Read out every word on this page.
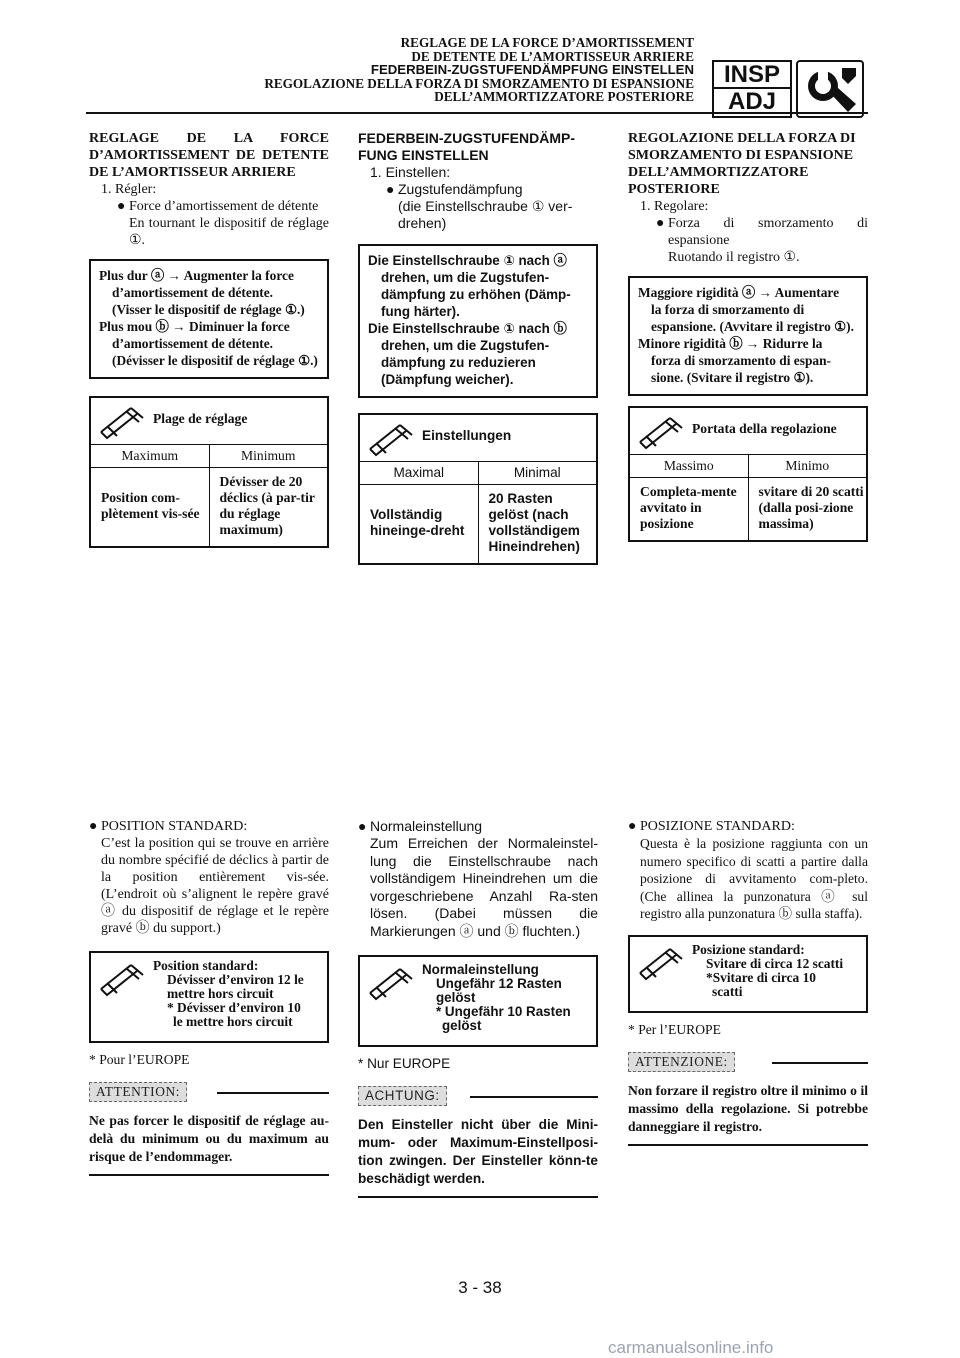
REGLAGE DE LA FORCE D’AMORTISSEMENT
DE DETENTE DE L’AMORTISSEUR ARRIERE
FEDERBEIN-ZUGSTUFENDÄMPFUNG EINSTELLEN
REGOLAZIONE DELLA FORZA DI SMORZAMENTO DI ESPANSIONE
DELL’AMMORTIZZATORE POSTERIORE
INSP
ADJ
REGLAGE DE LA FORCE D’AMORTISSEMENT DE DETENTE DE L’AMORTISSEUR ARRIERE
1. Régler:
● Force d’amortissement de détente
En tournant le dispositif de réglage ①.
Plus dur ⓐ → Augmenter la force
d’amortissement de détente.
(Visser le dispositif de réglage ①.)
Plus mou ⓑ → Diminuer la force
d’amortissement de détente.
(Dévisser le dispositif de réglage ①.)
Plage de réglage
Maximum	Minimum
Position com-plètement vis-sée	Dévisser de 20 déclics (à par-tir du réglage maximum)
FEDERBEIN-ZUGSTUFENDÄMP-FUNG EINSTELLEN
1. Einstellen:
● Zugstufendämpfung
(die Einstellschraube ① ver-drehen)
Die Einstellschraube ① nach ⓐ
drehen, um die Zugstufen-dämpfung zu erhöhen (Dämp-fung härter).
Die Einstellschraube ① nach ⓑ
drehen, um die Zugstufen-dämpfung zu reduzieren (Dämpfung weicher).
Einstellungen
Maximal	Minimal
Vollständig hineinge-dreht	20 Rasten gelöst (nach vollständigem Hineindrehen)
REGOLAZIONE DELLA FORZA DI SMORZAMENTO DI ESPANSIONE DELL’AMMORTIZZATORE POSTERIORE
1. Regolare:
● Forza di smorzamento di espansione
Ruotando il registro ①.
Maggiore rigidità ⓐ → Aumentare
la forza di smorzamento di espansione. (Avvitare il registro ①).
Minore rigidità ⓑ → Ridurre la
forza di smorzamento di espan-sione. (Svitare il registro ①).
Portata della regolazione
Massimo	Minimo
Completa-mente avvitato in posizione	svitare di 20 scatti (dalla posi-zione massima)
● POSITION STANDARD:
C’est la position qui se trouve en arrière du nombre spécifié de déclics à partir de la position entièrement vis-sée. (L’endroit où s’alignent le repère gravé ⓐ du dispositif de réglage et le repère gravé ⓑ du support.)
Position standard:
Dévisser d’environ 12 le
mettre hors circuit
* Dévisser d’environ 10
le mettre hors circuit
* Pour l’EUROPE
ATTENTION:
Ne pas forcer le dispositif de réglage au-delà du minimum ou du maximum au risque de l’endommager.
● Normaleinstellung
Zum Erreichen der Normaleinstel-lung die Einstellschraube nach vollständigem Hineindrehen um die vorgeschriebene Anzahl Ra-sten lösen. (Dabei müssen die Markierungen ⓐ und ⓑ fluchten.)
Normaleinstellung
Ungefähr 12 Rasten
gelöst
* Ungefähr 10 Rasten
gelöst
* Nur EUROPE
ACHTUNG:
Den Einsteller nicht über die Mini-mum- oder Maximum-Einstellposi-tion zwingen. Der Einsteller könn-te beschädigt werden.
● POSIZIONE STANDARD:
Questa è la posizione raggiunta con un numero specifico di scatti a partire dalla posizione di avvitamento com-pleto. (Che allinea la punzonatura ⓐ sul registro alla punzonatura ⓑ sulla staffa).
Posizione standard:
Svitare di circa 12 scatti
*Svitare di circa 10
scatti
* Per l’EUROPE
ATTENZIONE:
Non forzare il registro oltre il minimo o il massimo della regolazione. Si potrebbe danneggiare il registro.
3 - 38
carmanualsonline.info
